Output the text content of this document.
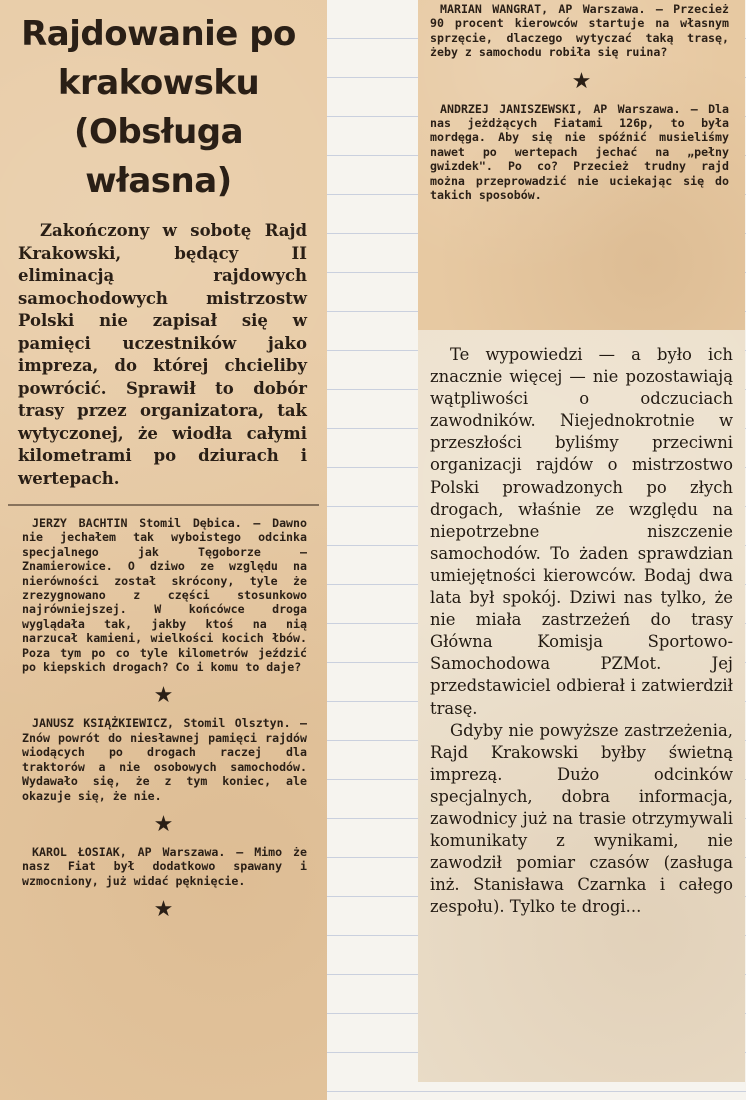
Rajdowanie po krakowsku (Obsługa własna)

Zakończony w sobotę Rajd Krakowski, będący II eliminacją rajdowych samochodowych mistrzostw Polski nie zapisał się w pamięci uczestników jako impreza, do której chcieliby powrócić. Sprawił to dobór trasy przez organizatora, tak wytyczonej, że wiodła całymi kilometrami po dziurach i wertepach.

JERZY BACHTIN Stomil Dębica. — Dawno nie jechałem tak wyboistego odcinka specjalnego jak Tęgoborze — Znamierowice. O dziwo ze względu na nierówności został skrócony, tyle że zrezygnowano z części stosunkowo najrówniejszej. W końcówce droga wyglądała tak, jakby ktoś na nią narzucał kamieni, wielkości kocich łbów. Poza tym po co tyle kilometrów jeździć po kiepskich drogach? Co i komu to daje?

★

JANUSZ KSIĄŻKIEWICZ, Stomil Olsztyn. — Znów powrót do niesławnej pamięci rajdów wiodących po drogach raczej dla traktorów a nie osobowych samochodów. Wydawało się, że z tym koniec, ale okazuje się, że nie.

★

KAROL ŁOSIAK, AP Warszawa. — Mimo że nasz Fiat był dodatkowo spawany i wzmocniony, już widać pęknięcie.

★

MARIAN WANGRAT, AP Warszawa. — Przecież 90 procent kierowców startuje na własnym sprzęcie, dlaczego wytyczać taką trasę, żeby z samochodu robiła się ruina?

★

ANDRZEJ JANISZEWSKI, AP Warszawa. — Dla nas jeżdżących Fiatami 126p, to była mordęga. Aby się nie spóźnić musieliśmy nawet po wertepach jechać na „pełny gwizdek". Po co? Przecież trudny rajd można przeprowadzić nie uciekając się do takich sposobów.

Te wypowiedzi — a było ich znacznie więcej — nie pozostawiają wątpliwości o odczuciach zawodników. Niejednokrotnie w przeszłości byliśmy przeciwni organizacji rajdów o mistrzostwo Polski prowadzonych po złych drogach, właśnie ze względu na niepotrzebne niszczenie samochodów. To żaden sprawdzian umiejętności kierowców. Bodaj dwa lata był spokój. Dziwi nas tylko, że nie miała zastrzeżeń do trasy Główna Komisja Sportowo-Samochodowa PZMot. Jej przedstawiciel odbierał i zatwierdził trasę.

Gdyby nie powyższe zastrzeżenia, Rajd Krakowski byłby świetną imprezą. Dużo odcinków specjalnych, dobra informacja, zawodnicy już na trasie otrzymywali komunikaty z wynikami, nie zawodził pomiar czasów (zasługa inż. Stanisława Czarnka i całego zespołu). Tylko te drogi...
